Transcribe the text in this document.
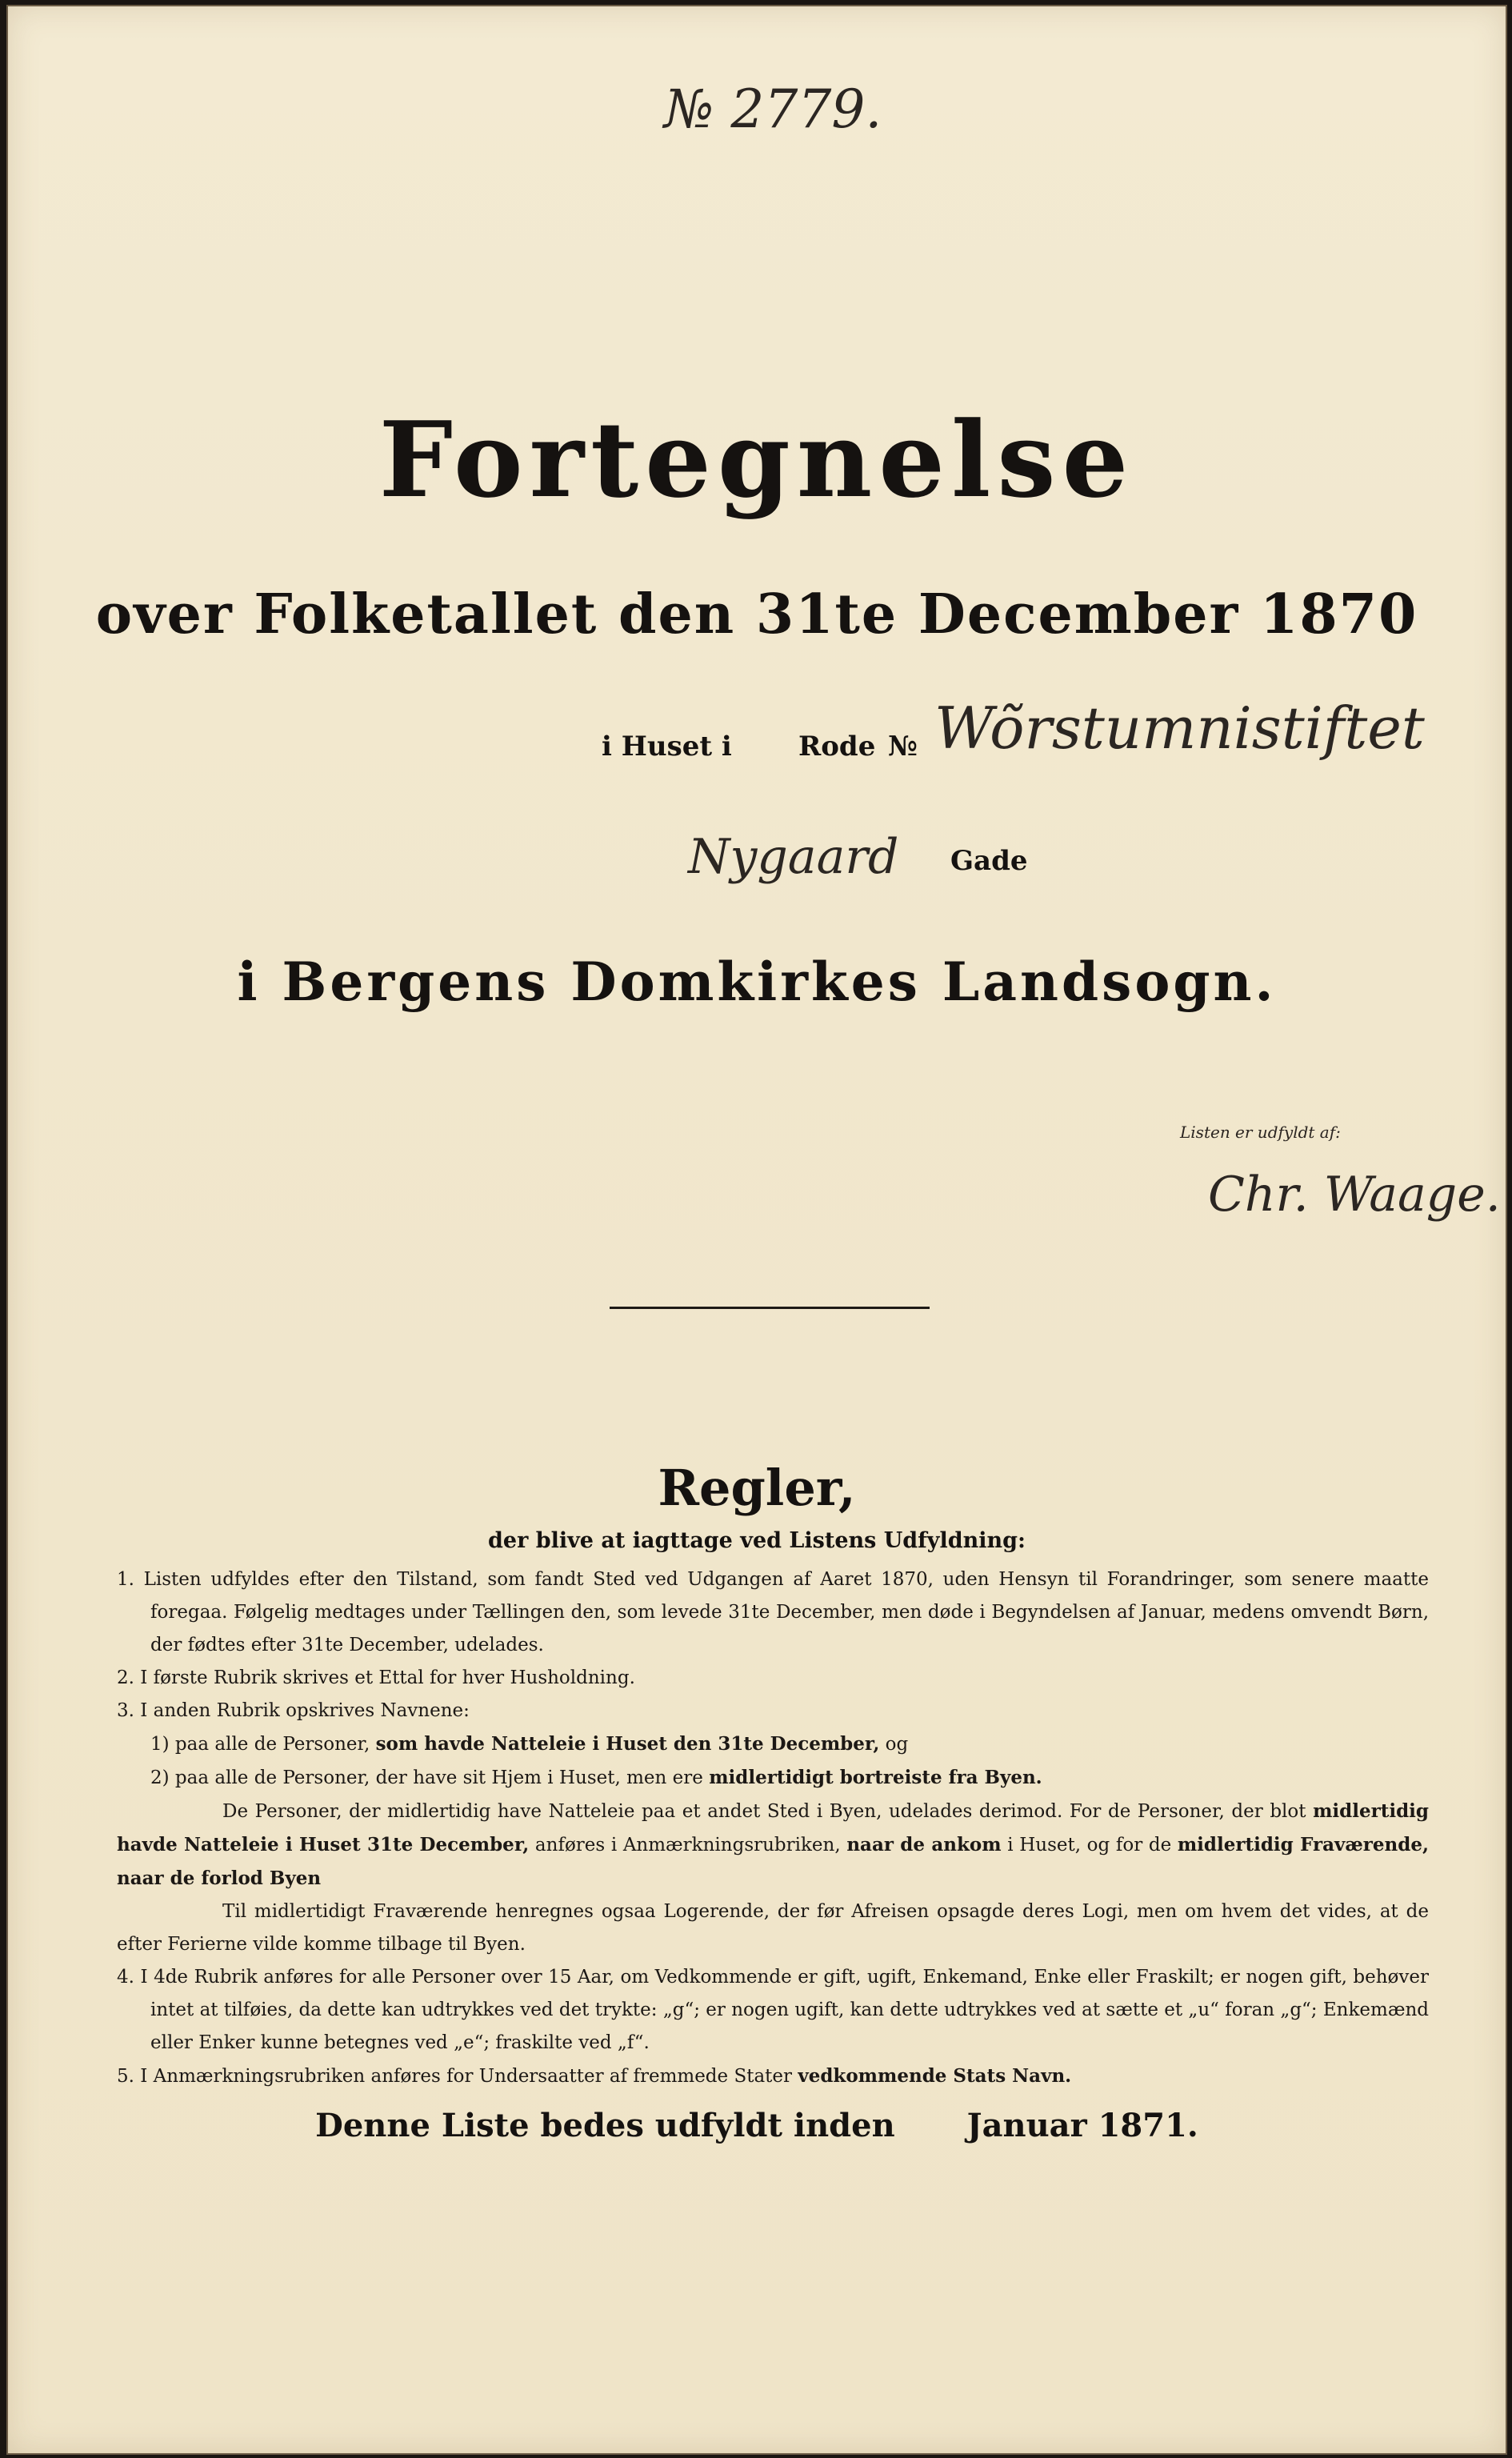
№ 2779.
Fortegnelse
over Folketallet den 31te December 1870
i Huset i Rode № Wõrstumnistiftet
Nygaard Gade
i Bergens Domkirkes Landsogn.
Listen er udfyldt af:
Chr. Waage.
Regler,
der blive at iagttage ved Listens Udfyldning:

1. Listen udfyldes efter den Tilstand, som fandt Sted ved Udgangen af Aaret 1870, uden Hensyn til Forandringer, som senere maatte foregaa. Følgelig medtages under Tællingen den, som levede 31te December, men døde i Begyndelsen af Januar, medens omvendt Børn, der fødtes efter 31te December, udelades.

2. I første Rubrik skrives et Ettal for hver Husholdning.

3. I anden Rubrik opskrives Navnene:

1) paa alle de Personer, som havde Natteleie i Huset den 31te December, og

2) paa alle de Personer, der have sit Hjem i Huset, men ere midlertidigt bortreiste fra Byen.

De Personer, der midlertidig have Natteleie paa et andet Sted i Byen, udelades derimod. For de Personer, der blot midlertidig havde Natteleie i Huset 31te December, anføres i Anmærkningsrubriken, naar de ankom i Huset, og for de midlertidig Fraværende, naar de forlod Byen

Til midlertidigt Fraværende henregnes ogsaa Logerende, der før Afreisen opsagde deres Logi, men om hvem det vides, at de efter Ferierne vilde komme tilbage til Byen.

4. I 4de Rubrik anføres for alle Personer over 15 Aar, om Vedkommende er gift, ugift, Enkemand, Enke eller Fraskilt; er nogen gift, behøver intet at tilføies, da dette kan udtrykkes ved det trykte: „g“; er nogen ugift, kan dette udtrykkes ved at sætte et „u“ foran „g“; Enkemænd eller Enker kunne betegnes ved „e“; fraskilte ved „f“.

5. I Anmærkningsrubriken anføres for Undersaatter af fremmede Stater vedkommende Stats Navn.

Denne Liste bedes udfyldt inden Januar 1871.
